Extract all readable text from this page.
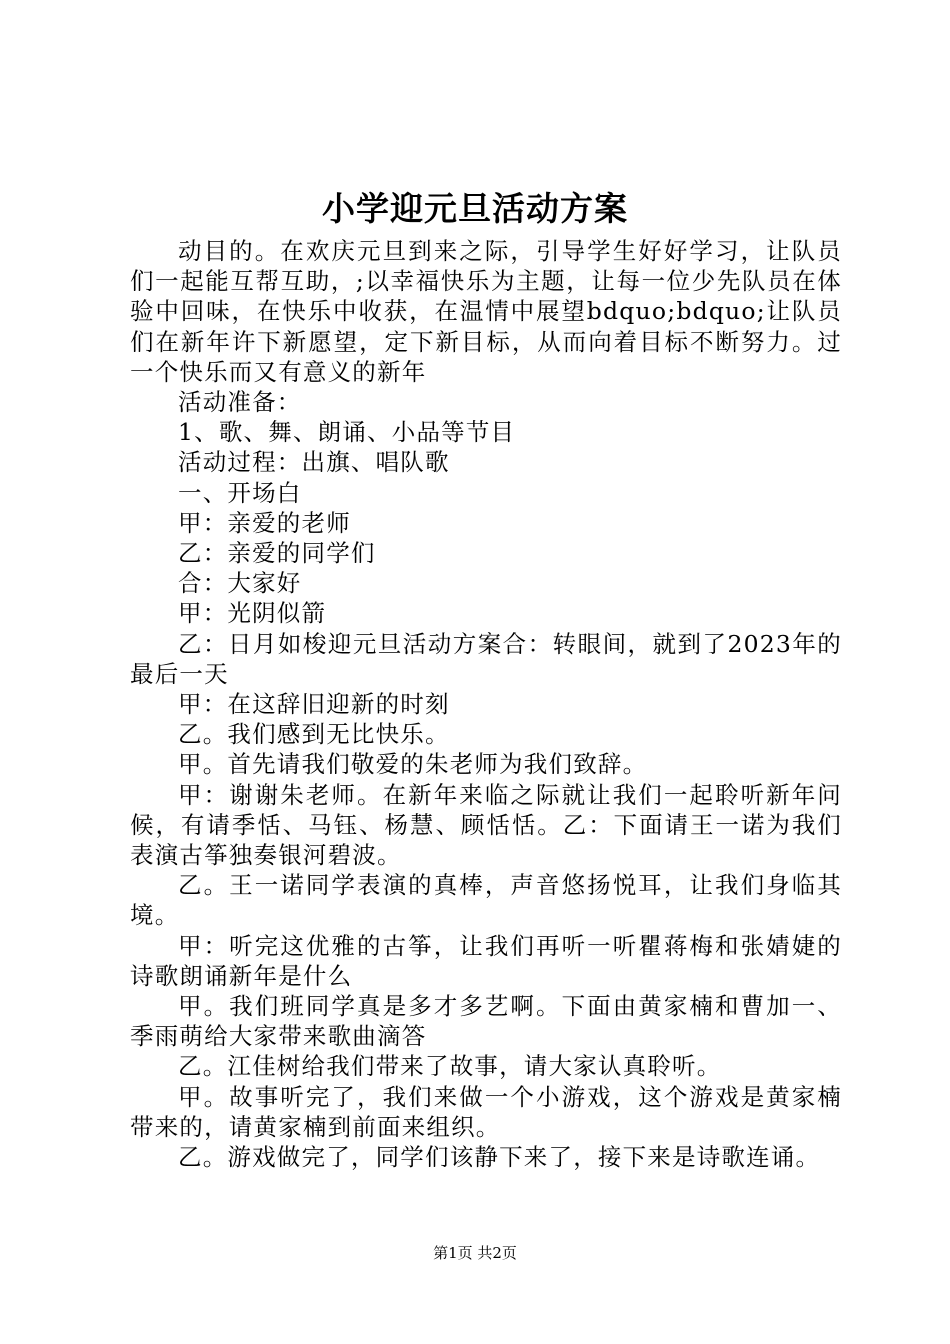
小学迎元旦活动方案

动目的。在欢庆元旦到来之际，引导学生好好学习，让队员们一起能互帮互助，;以幸福快乐为主题，让每一位少先队员在体验中回味，在快乐中收获，在温情中展望bdquo;bdquo;让队员们在新年许下新愿望，定下新目标，从而向着目标不断努力。过一个快乐而又有意义的新年

活动准备：

1、歌、舞、朗诵、小品等节目

活动过程：出旗、唱队歌

一、开场白

甲：亲爱的老师

乙：亲爱的同学们

合：大家好

甲：光阴似箭

乙：日月如梭迎元旦活动方案合：转眼间，就到了2023年的最后一天

甲：在这辞旧迎新的时刻

乙。我们感到无比快乐。

甲。首先请我们敬爱的朱老师为我们致辞。

甲：谢谢朱老师。在新年来临之际就让我们一起聆听新年问候，有请季恬、马钰、杨慧、顾恬恬。乙：下面请王一诺为我们表演古筝独奏银河碧波。

乙。王一诺同学表演的真棒，声音悠扬悦耳，让我们身临其境。

甲：听完这优雅的古筝，让我们再听一听瞿蒋梅和张婧婕的诗歌朗诵新年是什么

甲。我们班同学真是多才多艺啊。下面由黄家楠和曹加一、季雨萌给大家带来歌曲滴答

乙。江佳树给我们带来了故事，请大家认真聆听。

甲。故事听完了，我们来做一个小游戏，这个游戏是黄家楠带来的，请黄家楠到前面来组织。

乙。游戏做完了，同学们该静下来了，接下来是诗歌连诵。

第1页 共2页
